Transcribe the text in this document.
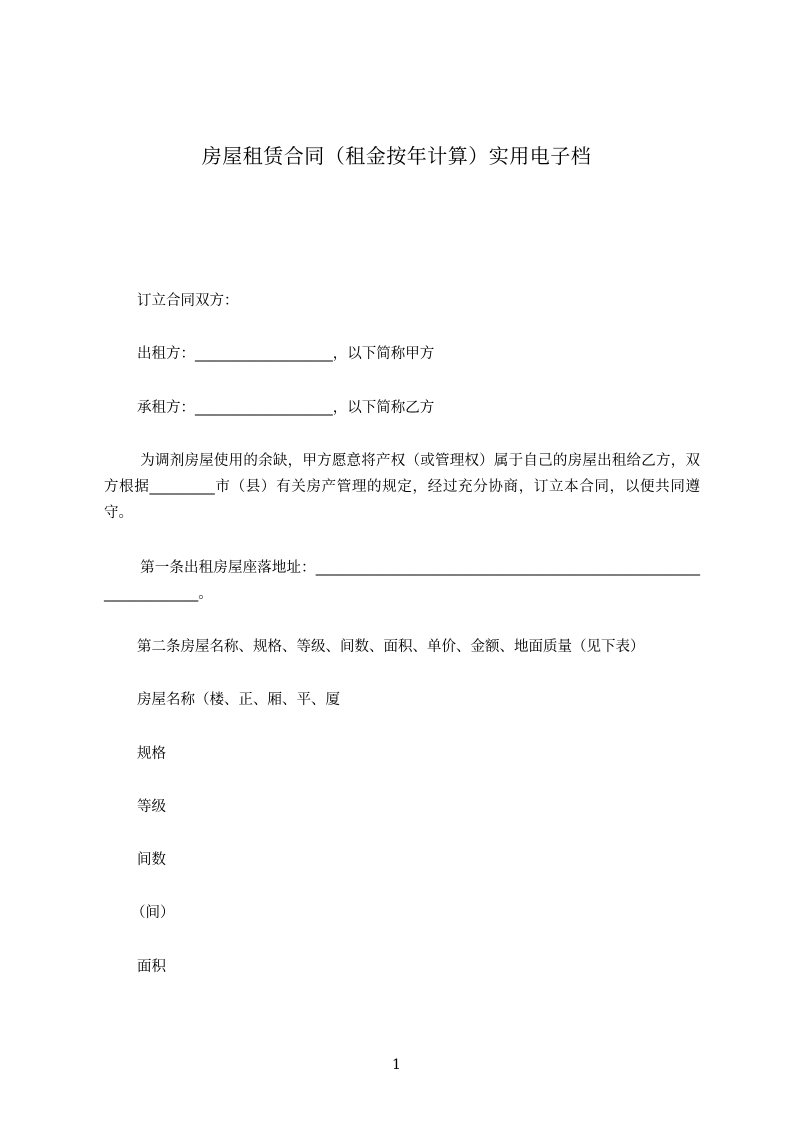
房屋租赁合同（租金按年计算）实用电子档
订立合同双方：
出租方：___________________，以下简称甲方
承租方：___________________，以下简称乙方
为调剂房屋使用的余缺，甲方愿意将产权（或管理权）属于自己的房屋出租给乙方，双方根据_________市（县）有关房产管理的规定，经过充分协商，订立本合同，以便共同遵守。
第一条出租房屋座落地址：__________________________________________________________________。
第二条房屋名称、规格、等级、间数、面积、单价、金额、地面质量（见下表）
房屋名称（楼、正、厢、平、厦
规格
等级
间数
（间）
面积
1
